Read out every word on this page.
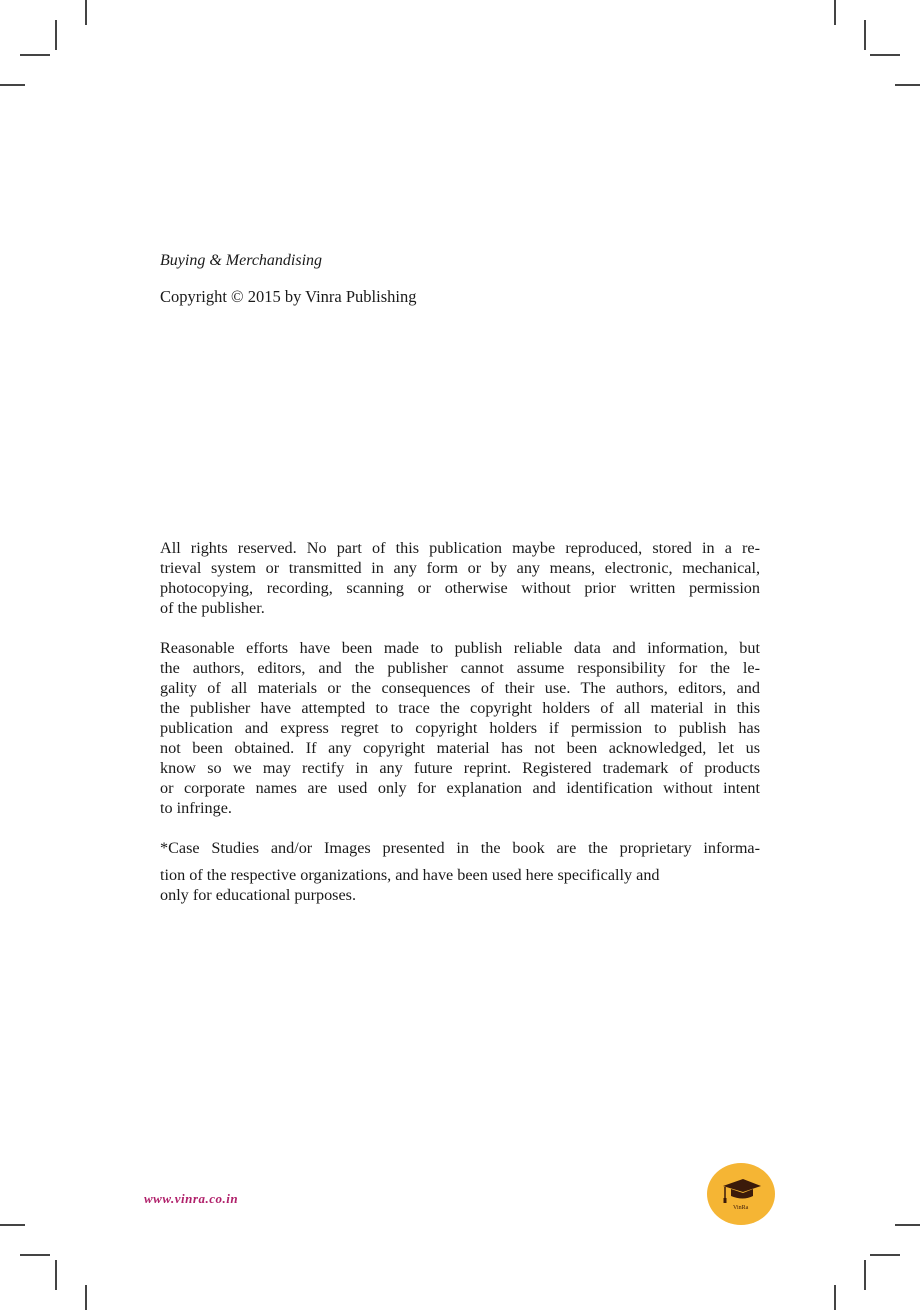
Buying & Merchandising
Copyright © 2015 by Vinra Publishing
All rights reserved. No part of this publication maybe reproduced, stored in a re-
trieval system or transmitted in any form or by any means, electronic, mechanical,
photocopying, recording, scanning or otherwise without prior written permission
of the publisher.
Reasonable efforts have been made to publish reliable data and information, but
the authors, editors, and the publisher cannot assume responsibility for the le-
gality of all materials or the consequences of their use. The authors, editors, and
the publisher have attempted to trace the copyright holders of all material in this
publication and express regret to copyright holders if permission to publish has
not been obtained. If any copyright material has not been acknowledged, let us
know so we may rectify in any future reprint. Registered trademark of products
or corporate names are used only for explanation and identification without intent
to infringe.
*Case Studies and/or Images presented in the book are the proprietary informa-
tion of the respective organizations, and have been used here specifically and
only for educational purposes.
www.vinra.co.in
VinRa
